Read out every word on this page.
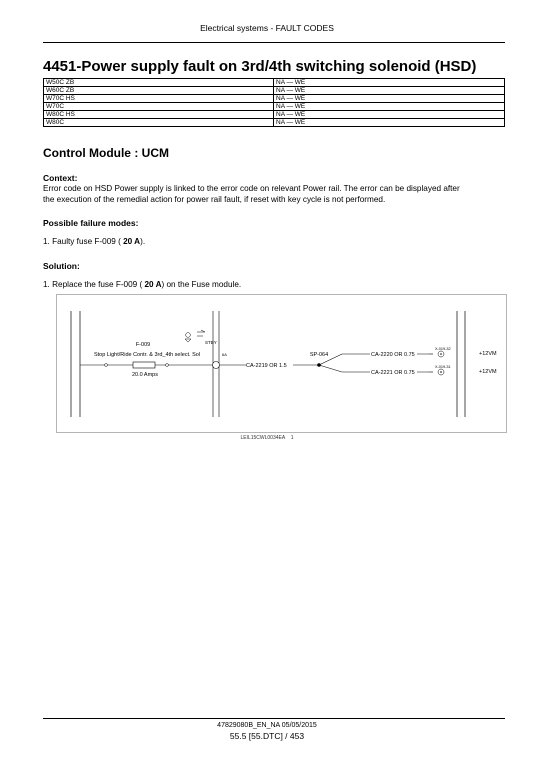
Electrical systems - FAULT CODES
4451-Power supply fault on 3rd/4th switching solenoid (HSD)
W50C ZB	NA — WE
W60C ZB	NA — WE
W70C HS	NA — WE
W70C	NA — WE
W80C HS	NA — WE
W80C	NA — WE
Control Module : UCM
Context:
Error code on HSD Power supply is linked to the error code on relevant Power rail. The error can be displayed after
the execution of the remedial action for power rail fault, if reset with key cycle is not performed.
Possible failure modes:
1. Faulty fuse F-009 ( 20 A).
Solution:
1. Replace the fuse F-009 ( 20 A) on the Fuse module.
F-009
Stop Light/Ride Contr. & 3rd_4th select. Sol
20.0 Amps
6A
STBY
CA-2219 OR 1.5
SP-064	CA-2220 OR 0.75
CA-2221 OR 0.75
X-019-32
X-019-31
+12VM
+12VM
LEIL15CWL0034EA 1
47829080B_EN_NA 05/05/2015
55.5 [55.DTC] / 453
